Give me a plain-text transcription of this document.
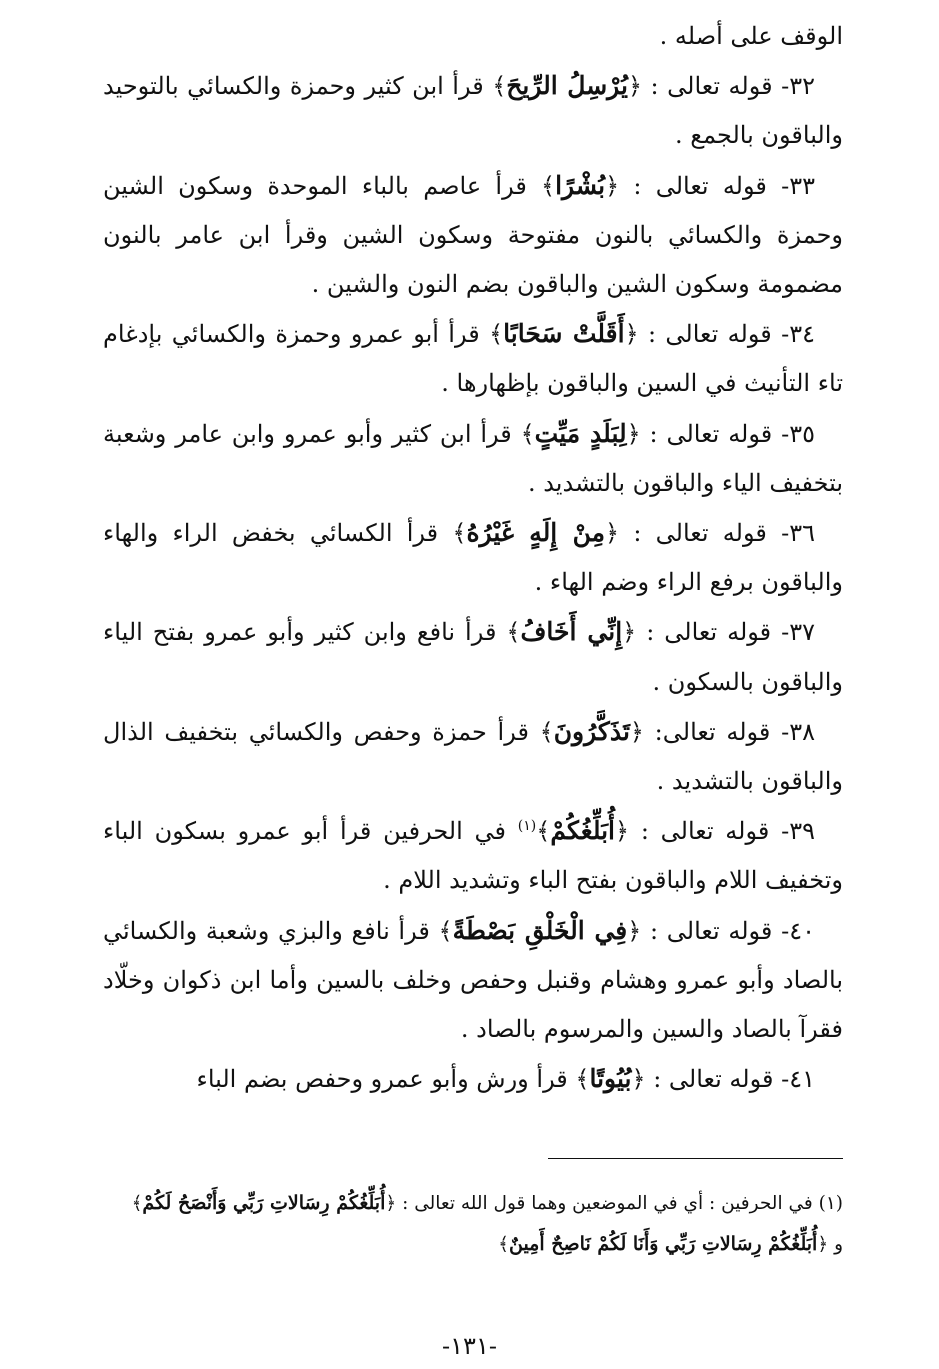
الوقف على أصله .

٣٢- قوله تعالى : ﴿يُرْسِلُ الرِّيحَ﴾ قرأ ابن كثير وحمزة والكسائي بالتوحيد والباقون بالجمع .

٣٣- قوله تعالى : ﴿بُشْرًا﴾ قرأ عاصم بالباء الموحدة وسكون الشين وحمزة والكسائي بالنون مفتوحة وسكون الشين وقرأ ابن عامر بالنون مضمومة وسكون الشين والباقون بضم النون والشين .

٣٤- قوله تعالى : ﴿أَقَلَّتْ سَحَابًا﴾ قرأ أبو عمرو وحمزة والكسائي بإدغام تاء التأنيث في السين والباقون بإظهارها .

٣٥- قوله تعالى : ﴿لِبَلَدٍ مَيِّتٍ﴾ قرأ ابن كثير وأبو عمرو وابن عامر وشعبة بتخفيف الياء والباقون بالتشديد .

٣٦- قوله تعالى : ﴿مِنْ إِلَهٍ غَيْرُهُ﴾ قرأ الكسائي بخفض الراء والهاء والباقون برفع الراء وضم الهاء .

٣٧- قوله تعالى : ﴿إِنِّي أَخَافُ﴾ قرأ نافع وابن كثير وأبو عمرو بفتح الياء والباقون بالسكون .

٣٨- قوله تعالى: ﴿تَذَكَّرُونَ﴾ قرأ حمزة وحفص والكسائي بتخفيف الذال والباقون بالتشديد .

٣٩- قوله تعالى : ﴿أُبَلِّغُكُمْ﴾$^{(١)}$ في الحرفين قرأ أبو عمرو بسكون الباء وتخفيف اللام والباقون بفتح الباء وتشديد اللام .

٤٠- قوله تعالى : ﴿فِي الْخَلْقِ بَصْطَةً﴾ قرأ نافع والبزي وشعبة والكسائي بالصاد وأبو عمرو وهشام وقنبل وحفص وخلف بالسين وأما ابن ذكوان وخلّاد فقرآ بالصاد والسين والمرسوم بالصاد .

٤١- قوله تعالى : ﴿بُيُوتًا﴾ قرأ ورش وأبو عمرو وحفص بضم الباء

(١) في الحرفين : أي في الموضعين وهما قول الله تعالى : ﴿أُبَلِّغُكُمْ رِسَالاتِ رَبِّي وَأَنْصَحُ لَكُمْ﴾
و ﴿أُبَلِّغُكُمْ رِسَالاتِ رَبِّي وَأَنَا لَكُمْ نَاصِحٌ أَمِينٌ﴾
-١٣١-
